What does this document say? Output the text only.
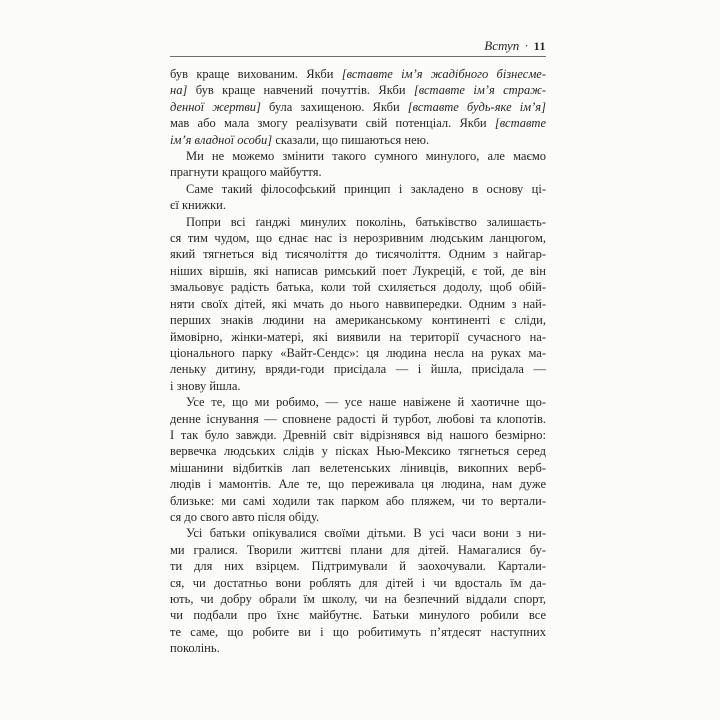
Вступ · 11
був краще вихованим. Якби [вставте ім’я жадібного бізнесме-
на] був краще навчений почуттів. Якби [вставте ім’я страж-
денної жертви] була захищеною. Якби [вставте будь-яке ім’я]
мав або мала змогу реалізувати свій потенціал. Якби [вставте
ім’я владної особи] сказали, що пишаються нею.
Ми не можемо змінити такого сумного минулого, але маємо
прагнути кращого майбуття.
Саме такий філософський принцип і закладено в основу ці-
єї книжки.
Попри всі ґанджі минулих поколінь, батьківство залишаєть-
ся тим чудом, що єднає нас із нерозривним людським ланцюгом,
який тягнеться від тисячоліття до тисячоліття. Одним з найгар-
ніших віршів, які написав римський поет Лукрецій, є той, де він
змальовує радість батька, коли той схиляється додолу, щоб обій-
няти своїх дітей, які мчать до нього наввипередки. Одним з най-
перших знаків людини на американському континенті є сліди,
ймовірно, жінки-матері, які виявили на території сучасного на-
ціонального парку «Вайт-Сендс»: ця людина несла на руках ма-
леньку дитину, вряди-годи присідала — і йшла, присідала —
і знову йшла.
Усе те, що ми робимо, — усе наше навіжене й хаотичне що-
денне існування — сповнене радості й турбот, любові та клопотів.
І так було завжди. Древній світ відрізнявся від нашого безмірно:
вервечка людських слідів у пісках Нью-Мексико тягнеться серед
мішанини відбитків лап велетенських лінивців, викопних верб-
людів і мамонтів. Але те, що переживала ця людина, нам дуже
близьке: ми самі ходили так парком або пляжем, чи то вертали-
ся до свого авто після обіду.
Усі батьки опікувалися своїми дітьми. В усі часи вони з ни-
ми гралися. Творили життєві плани для дітей. Намагалися бу-
ти для них взірцем. Підтримували й заохочували. Картали-
ся, чи достатньо вони роблять для дітей і чи вдосталь їм да-
ють, чи добру обрали їм школу, чи на безпечний віддали спорт,
чи подбали про їхнє майбутнє. Батьки минулого робили все
те саме, що робите ви і що робитимуть п’ятдесят наступних
поколінь.
